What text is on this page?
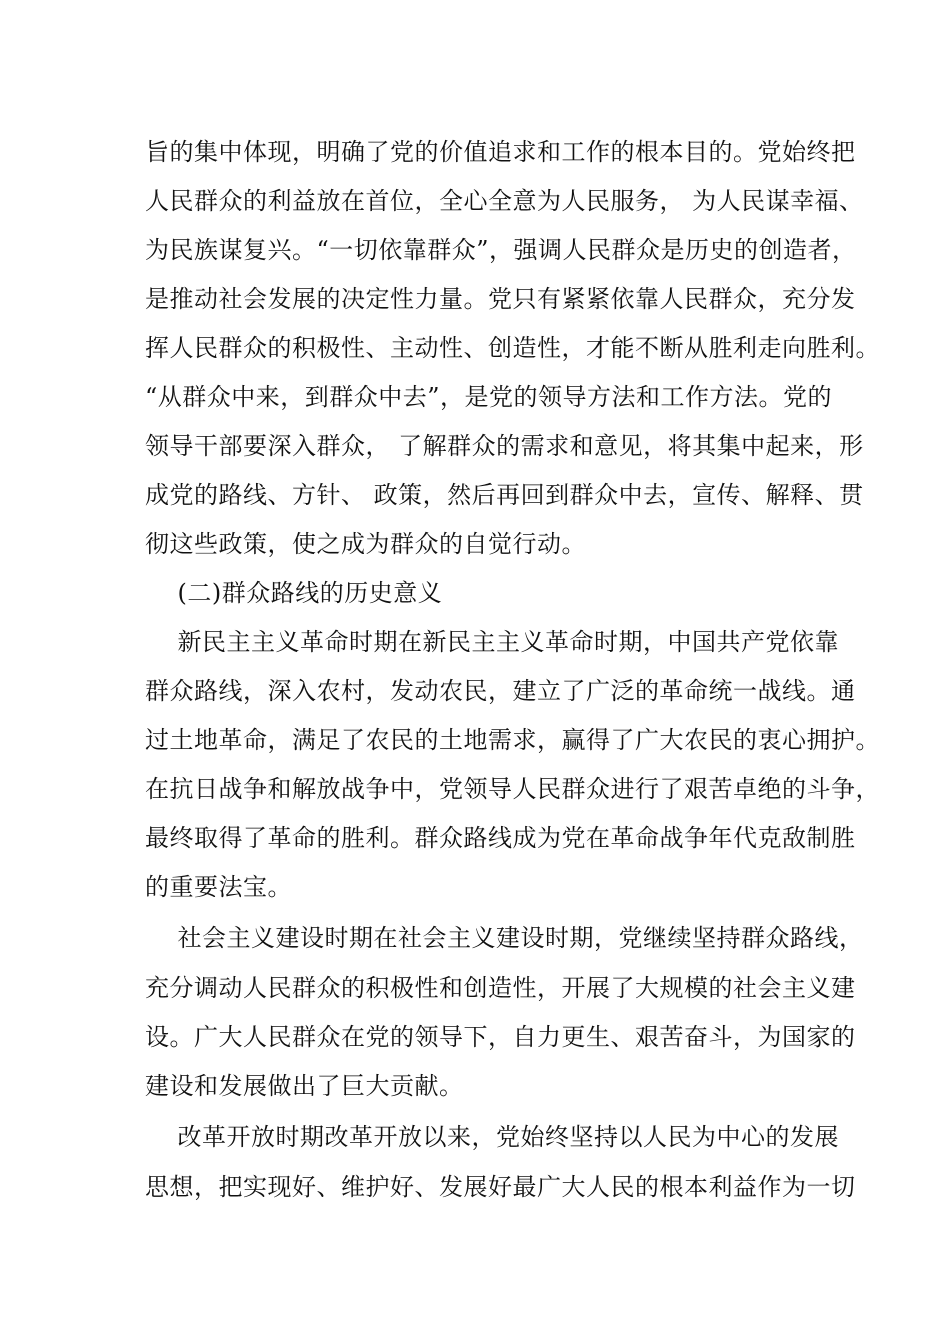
旨的集中体现，明确了党的价值追求和工作的根本目的。党始终把
人民群众的利益放在首位，全心全意为人民服务， 为人民谋幸福、
为民族谋复兴。“一切依靠群众”，强调人民群众是历史的创造者，
是推动社会发展的决定性力量。党只有紧紧依靠人民群众，充分发
挥人民群众的积极性、主动性、创造性，才能不断从胜利走向胜利。
“从群众中来，到群众中去”，是党的领导方法和工作方法。党的
领导干部要深入群众， 了解群众的需求和意见，将其集中起来，形
成党的路线、方针、 政策，然后再回到群众中去，宣传、解释、贯
彻这些政策，使之成为群众的自觉行动。
(二)群众路线的历史意义
新民主主义革命时期在新民主主义革命时期，中国共产党依靠
群众路线，深入农村，发动农民，建立了广泛的革命统一战线。通
过土地革命，满足了农民的土地需求，赢得了广大农民的衷心拥护。
在抗日战争和解放战争中，党领导人民群众进行了艰苦卓绝的斗争，
最终取得了革命的胜利。群众路线成为党在革命战争年代克敌制胜
的重要法宝。
社会主义建设时期在社会主义建设时期，党继续坚持群众路线，
充分调动人民群众的积极性和创造性，开展了大规模的社会主义建
设。广大人民群众在党的领导下，自力更生、艰苦奋斗，为国家的
建设和发展做出了巨大贡献。
改革开放时期改革开放以来，党始终坚持以人民为中心的发展
思想，把实现好、维护好、发展好最广大人民的根本利益作为一切
